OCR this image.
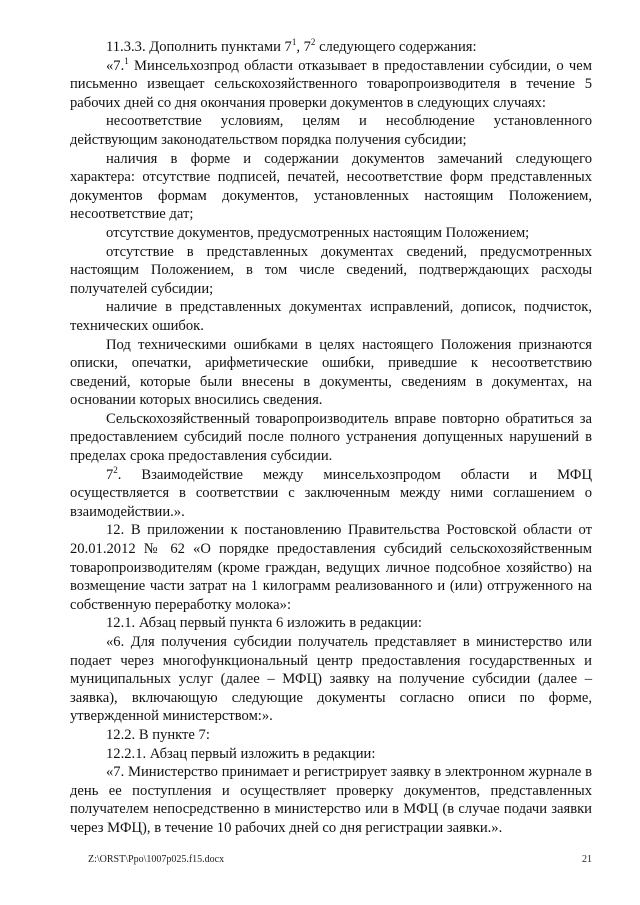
11.3.3. Дополнить пунктами $7^1$, $7^2$ следующего содержания:

«7.$^1$ Минсельхозпрод области отказывает в предоставлении субсидии, о чем письменно извещает сельскохозяйственного товаропроизводителя в течение 5 рабочих дней со дня окончания проверки документов в следующих случаях:

несоответствие условиям, целям и несоблюдение установленного действующим законодательством порядка получения субсидии;

наличия в форме и содержании документов замечаний следующего характера: отсутствие подписей, печатей, несоответствие форм представленных документов формам документов, установленных настоящим Положением, несоответствие дат;

отсутствие документов, предусмотренных настоящим Положением;

отсутствие в представленных документах сведений, предусмотренных настоящим Положением, в том числе сведений, подтверждающих расходы получателей субсидии;

наличие в представленных документах исправлений, дописок, подчисток, технических ошибок.

Под техническими ошибками в целях настоящего Положения признаются описки, опечатки, арифметические ошибки, приведшие к несоответствию сведений, которые были внесены в документы, сведениям в документах, на основании которых вносились сведения.

Сельскохозяйственный товаропроизводитель вправе повторно обратиться за предоставлением субсидий после полного устранения допущенных нарушений в пределах срока предоставления субсидии.

$7^2$. Взаимодействие между минсельхозпродом области и МФЦ осуществляется в соответствии с заключенным между ними соглашением о взаимодействии.».

12. В приложении к постановлению Правительства Ростовской области от 20.01.2012 № 62 «О порядке предоставления субсидий сельскохозяйственным товаропроизводителям (кроме граждан, ведущих личное подсобное хозяйство) на возмещение части затрат на 1 килограмм реализованного и (или) отгруженного на собственную переработку молока»:

12.1. Абзац первый пункта 6 изложить в редакции:

«6. Для получения субсидии получатель представляет в министерство или подает через многофункциональный центр предоставления государственных и муниципальных услуг (далее – МФЦ) заявку на получение субсидии (далее – заявка), включающую следующие документы согласно описи по форме, утвержденной министерством:».

12.2. В пункте 7:

12.2.1. Абзац первый изложить в редакции:

«7. Министерство принимает и регистрирует заявку в электронном журнале в день ее поступления и осуществляет проверку документов, представленных получателем непосредственно в министерство или в МФЦ (в случае подачи заявки через МФЦ), в течение 10 рабочих дней со дня регистрации заявки.».

Z:\ORST\Ppo\1007p025.f15.docx	21
